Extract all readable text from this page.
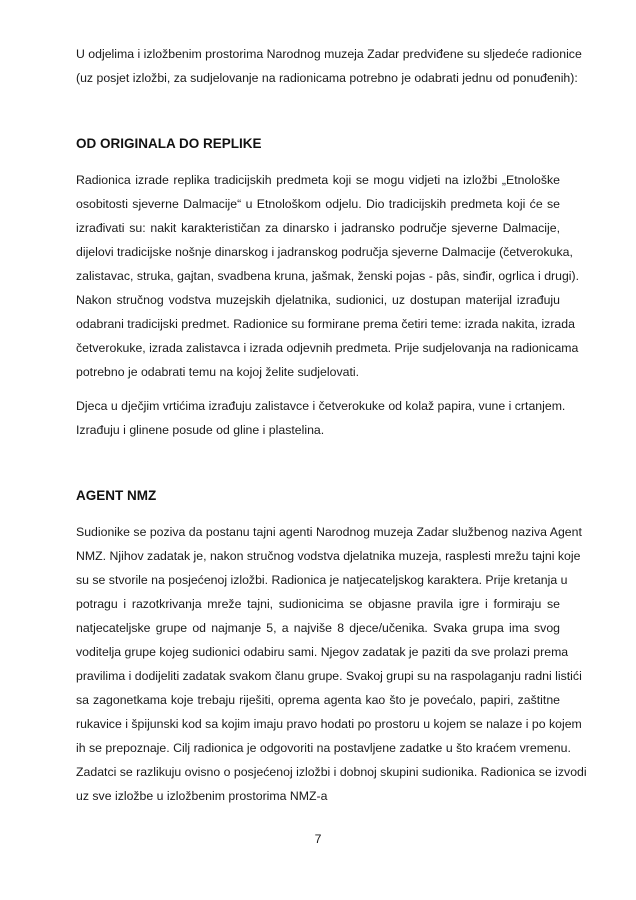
U odjelima i izložbenim prostorima Narodnog muzeja Zadar predviđene su sljedeće radionice
(uz posjet izložbi, za sudjelovanje na radionicama potrebno je odabrati jednu od ponuđenih):
OD ORIGINALA DO REPLIKE
Radionica izrade replika tradicijskih predmeta koji se mogu vidjeti na izložbi „Etnološke
osobitosti sjeverne Dalmacije“ u Etnološkom odjelu. Dio tradicijskih predmeta koji će se
izrađivati su: nakit karakterističan za dinarsko i jadransko područje sjeverne Dalmacije,
dijelovi tradicijske nošnje dinarskog i jadranskog područja sjeverne Dalmacije (četverokuka,
zalistavac, struka, gajtan, svadbena kruna, jašmak, ženski pojas - pâs, sinđir, ogrlica i drugi).
Nakon stručnog vodstva muzejskih djelatnika, sudionici, uz dostupan materijal izrađuju
odabrani tradicijski predmet. Radionice su formirane prema četiri teme: izrada nakita, izrada
četverokuke, izrada zalistavca i izrada odjevnih predmeta. Prije sudjelovanja na radionicama
potrebno je odabrati temu na kojoj želite sudjelovati.
Djeca u dječjim vrtićima izrađuju zalistavce i četverokuke od kolaž papira, vune i crtanjem.
Izrađuju i glinene posude od gline i plastelina.
AGENT NMZ
Sudionike se poziva da postanu tajni agenti Narodnog muzeja Zadar službenog naziva Agent
NMZ. Njihov zadatak je, nakon stručnog vodstva djelatnika muzeja, rasplesti mrežu tajni koje
su se stvorile na posjećenoj izložbi. Radionica je natjecateljskog karaktera. Prije kretanja u
potragu i razotkrivanja mreže tajni, sudionicima se objasne pravila igre i formiraju se
natjecateljske grupe od najmanje 5, a najviše 8 djece/učenika. Svaka grupa ima svog
voditelja grupe kojeg sudionici odabiru sami. Njegov zadatak je paziti da sve prolazi prema
pravilima i dodijeliti zadatak svakom članu grupe. Svakoj grupi su na raspolaganju radni listići
sa zagonetkama koje trebaju riješiti, oprema agenta kao što je povećalo, papiri, zaštitne
rukavice i špijunski kod sa kojim imaju pravo hodati po prostoru u kojem se nalaze i po kojem
ih se prepoznaje. Cilj radionica je odgovoriti na postavljene zadatke u što kraćem vremenu.
Zadatci se razlikuju ovisno o posjećenoj izložbi i dobnoj skupini sudionika. Radionica se izvodi
uz sve izložbe u izložbenim prostorima NMZ-a
7
